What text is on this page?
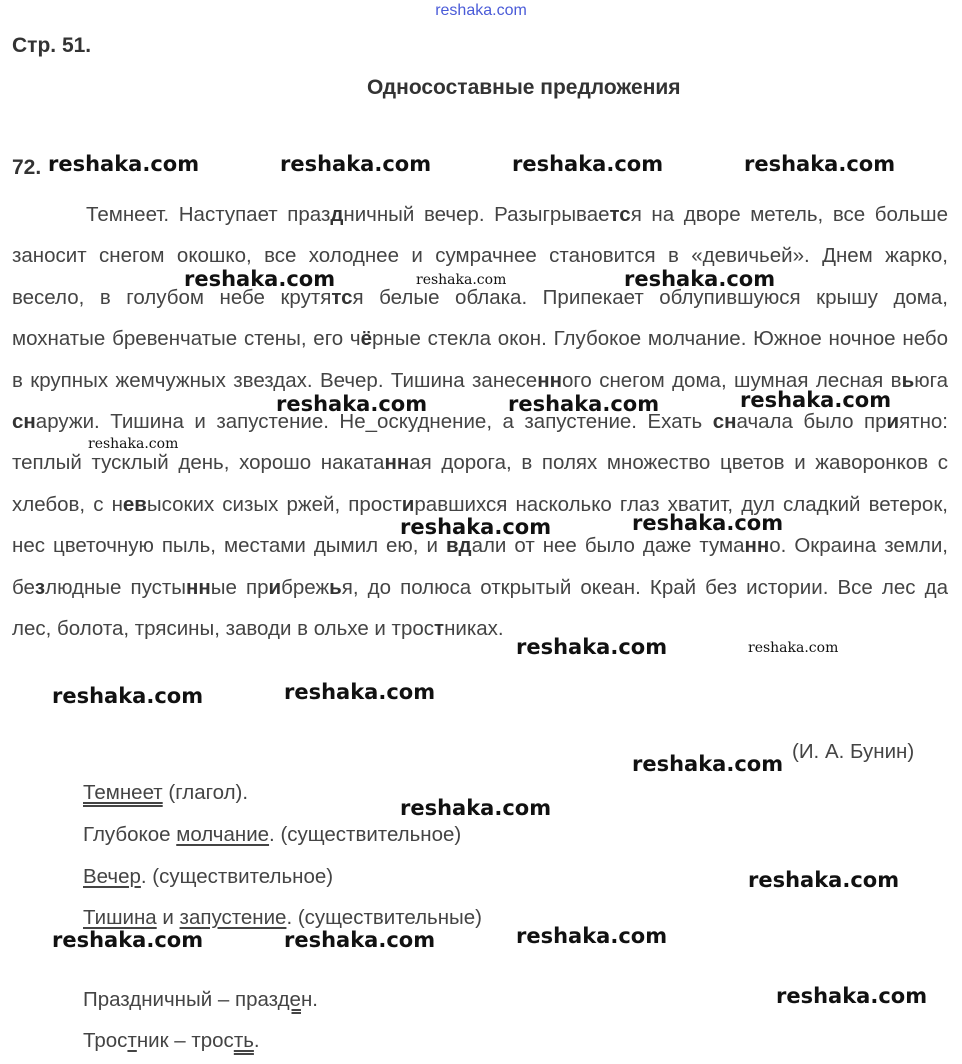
reshaka.com
Стр. 51.
Односоставные предложения
72.
Темнеет. Наступает праздничный вечер. Разыгрывается на дворе метель, все больше заносит снегом окошко, все холоднее и сумрачнее становится в «девичьей». Днем жарко, весело, в голубом небе крутятся белые облака. Припекает облупившуюся крышу дома, мохнатые бревенчатые стены, его чёрные стекла окон. Глубокое молчание. Южное ночное небо в крупных жемчужных звездах. Вечер. Тишина занесенного снегом дома, шумная лесная вьюга снаружи. Тишина и запустение. Не_оскуднение, а запустение. Ехать сначала было приятно: теплый тусклый день, хорошо накатанная дорога, в полях множество цветов и жаворонков с хлебов, с невысоких сизых ржей, простиравшихся насколько глаз хватит, дул сладкий ветерок, нес цветочную пыль, местами дымил ею, и вдали от нее было даже туманно. Окраина земли, безлюдные пустынные прибрежья, до полюса открытый океан. Край без истории. Все лес да лес, болота, трясины, заводи в ольхе и тростниках.
(И. А. Бунин)
Темнеет (глагол).
Глубокое молчание. (существительное)
Вечер. (существительное)
Тишина и запустение. (существительные)
Праздничный – празден.
Тростник – трость.
reshaka.com	reshaka.com	reshaka.com	reshaka.com
reshaka.com	reshaka.com	reshaka.com
reshaka.com	reshaka.com	reshaka.com
reshaka.com
reshaka.com	reshaka.com
reshaka.com	reshaka.com
reshaka.com	reshaka.com
reshaka.com
reshaka.com
reshaka.com
reshaka.com	reshaka.com	reshaka.com
reshaka.com
